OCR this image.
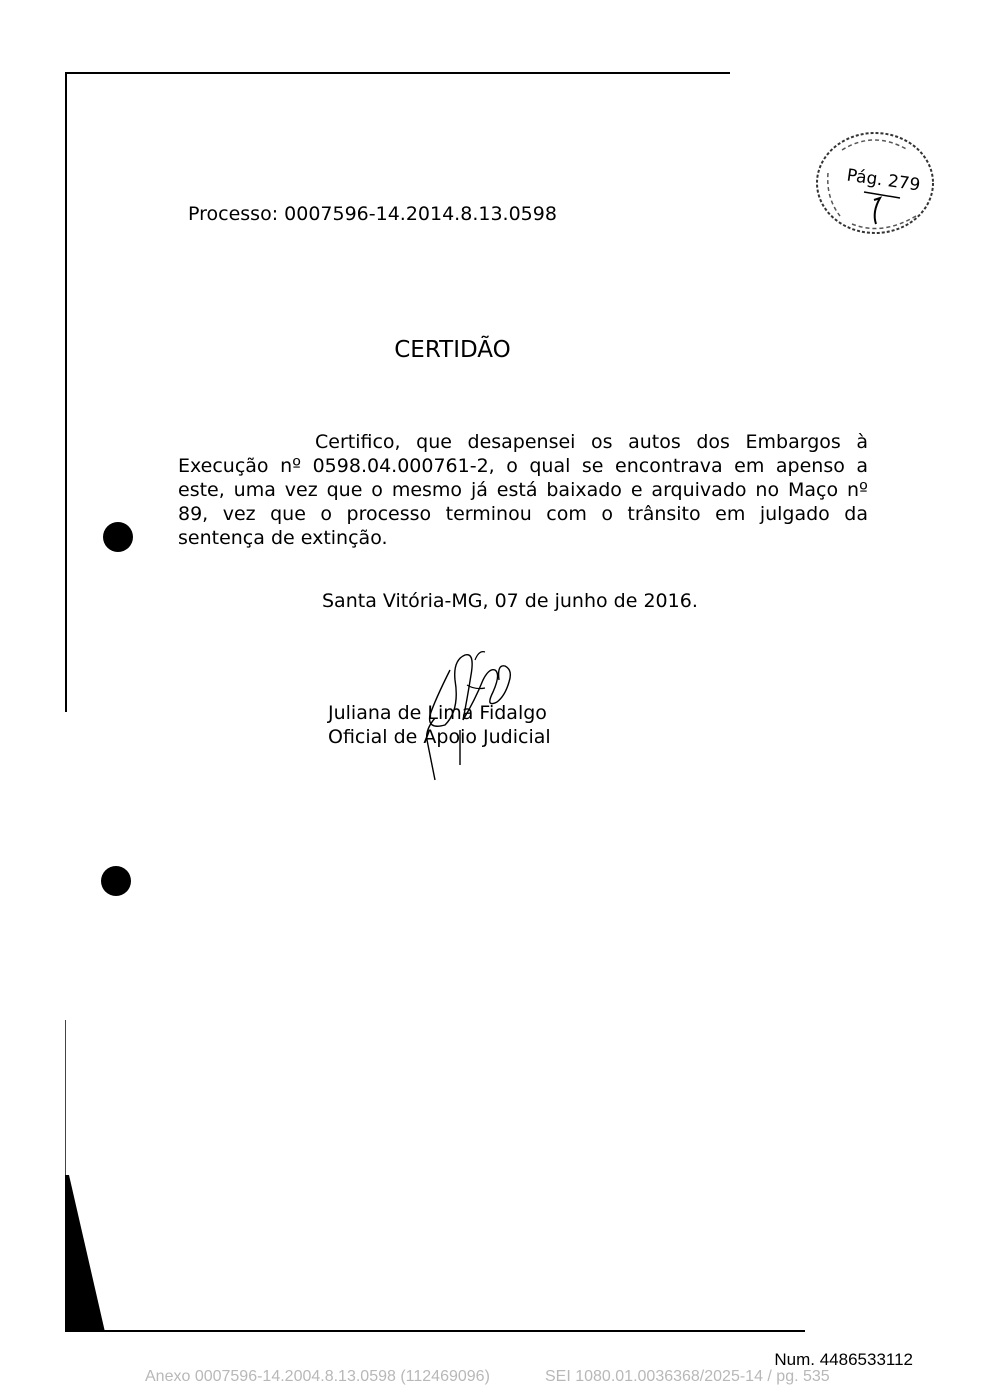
Pág. 279
Processo: 0007596-14.2014.8.13.0598
CERTIDÃO
Certifico, que desapensei os autos dos Embargos à
Execução nº 0598.04.000761-2, o qual se encontrava em apenso a
este, uma vez que o mesmo já está baixado e arquivado no Maço nº
89, vez que o processo terminou com o trânsito em julgado da
sentença de extinção.
Santa Vitória-MG, 07 de junho de 2016.
Juliana de Lima Fidalgo
Oficial de Apoio Judicial
Num. 4486533112
Anexo 0007596-14.2004.8.13.0598 (112469096)	SEI 1080.01.0036368/2025-14 / pg. 535
